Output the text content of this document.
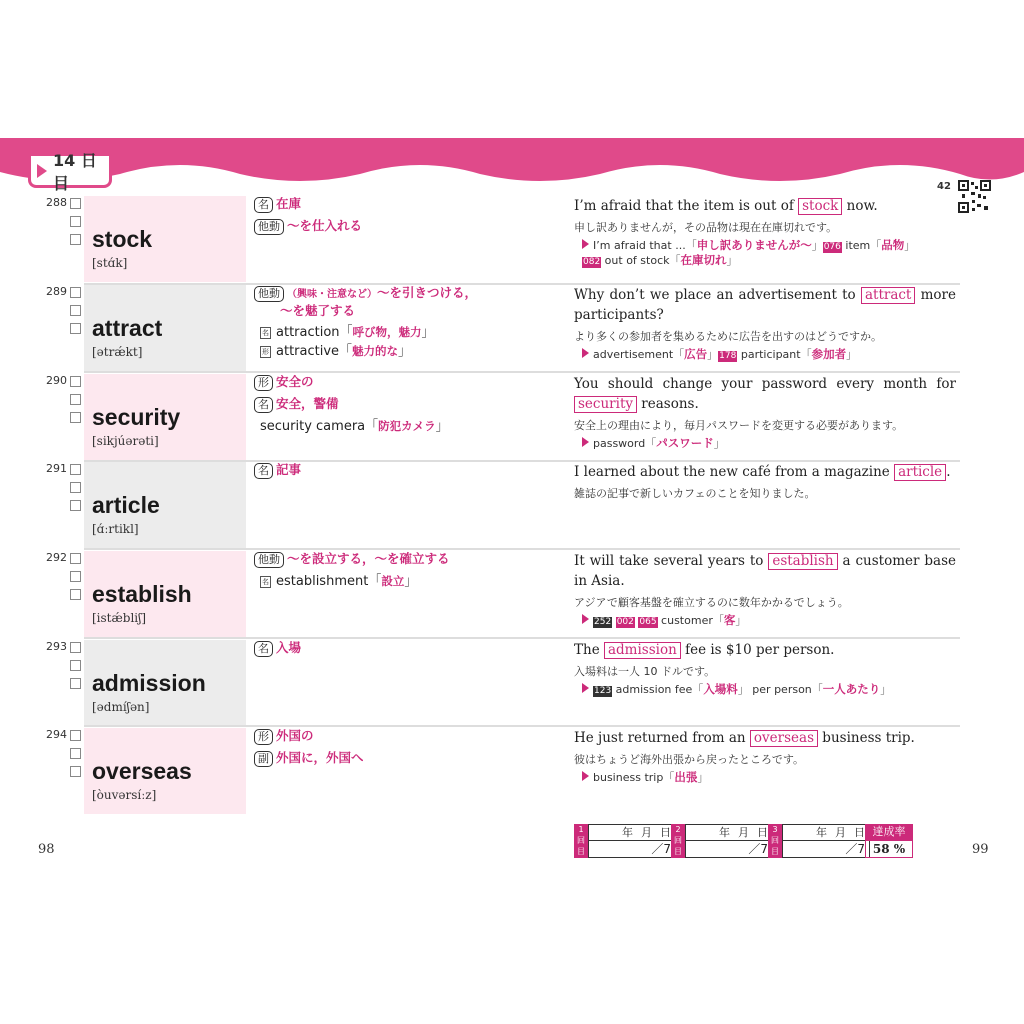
14 日目	42
288
stock
[stɑ́k]
名 在庫
他動 ～を仕入れる
I’m afraid that the item is out of stock now.
申し訳ありませんが，その品物は現在在庫切れです。
I’m afraid that ...「申し訳ありませんが～」076 item「品物」
082 out of stock「在庫切れ」
289
attract
[ətrǽkt]
他動 （興味・注意など）～を引きつける，
～を魅了する
名 attraction「呼び物，魅力」
形 attractive「魅力的な」
Why don’t we place an advertisement to attract more participants?
より多くの参加者を集めるために広告を出すのはどうですか。
advertisement「広告」178 participant「参加者」
290
security
[sikjúərəti]
形 安全の
名 安全，警備
security camera「防犯カメラ」
You should change your password every month for security reasons.
安全上の理由により，毎月パスワードを変更する必要があります。
password「パスワード」
291
article
[ɑ́ːrtikl]
名 記事	I learned about the new café from a magazine article .
雑誌の記事で新しいカフェのことを知りました。
292
establish
[istǽbliʃ]
他動 ～を設立する，～を確立する
名 establishment「設立」
It will take several years to establish a customer base in Asia.
アジアで顧客基盤を確立するのに数年かかるでしょう。
252 002 065 customer「客」
293
admission
[ədmíʃən]
名 入場	The admission fee is $10 per person.
入場料は一人 10 ドルです。
123 admission fee「入場料」 per person「一人あたり」
294
overseas
[òuvərsíːz]
形 外国の
副 外国に，外国へ
He just returned from an overseas business trip.
彼はちょうど海外出張から戻ったところです。
business trip「出張」
98	99
1 回 目
年 月 日
／7
2 回 目
年 月 日
／7
3 回 目
年 月 日
／7
達成率
58 %
